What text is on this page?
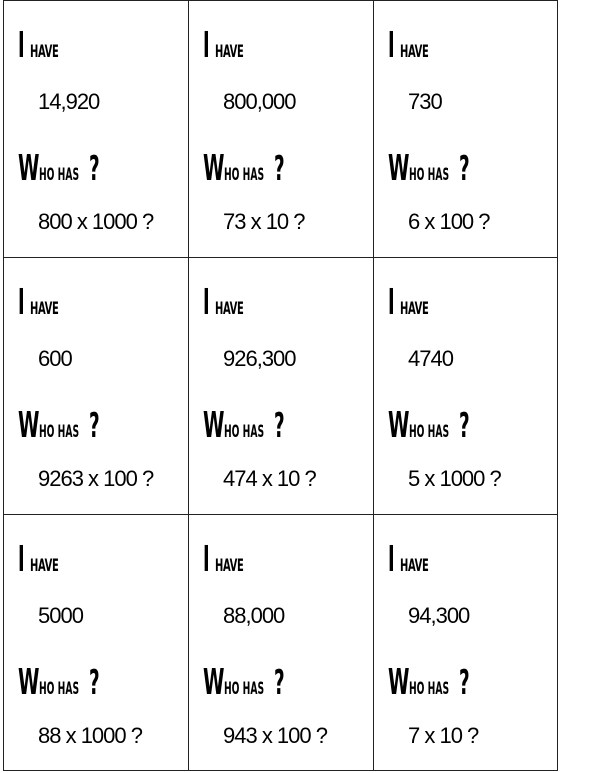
I HAVE
14,920
WHO HAS ?
800 x 1000 ?
I HAVE
800,000
WHO HAS ?
73 x 10 ?
I HAVE
730
WHO HAS ?
6 x 100 ?
I HAVE
600
WHO HAS ?
9263 x 100 ?
I HAVE
926,300
WHO HAS ?
474 x 10 ?
I HAVE
4740
WHO HAS ?
5 x 1000 ?
I HAVE
5000
WHO HAS ?
88 x 1000 ?
I HAVE
88,000
WHO HAS ?
943 x 100 ?
I HAVE
94,300
WHO HAS ?
7 x 10 ?
